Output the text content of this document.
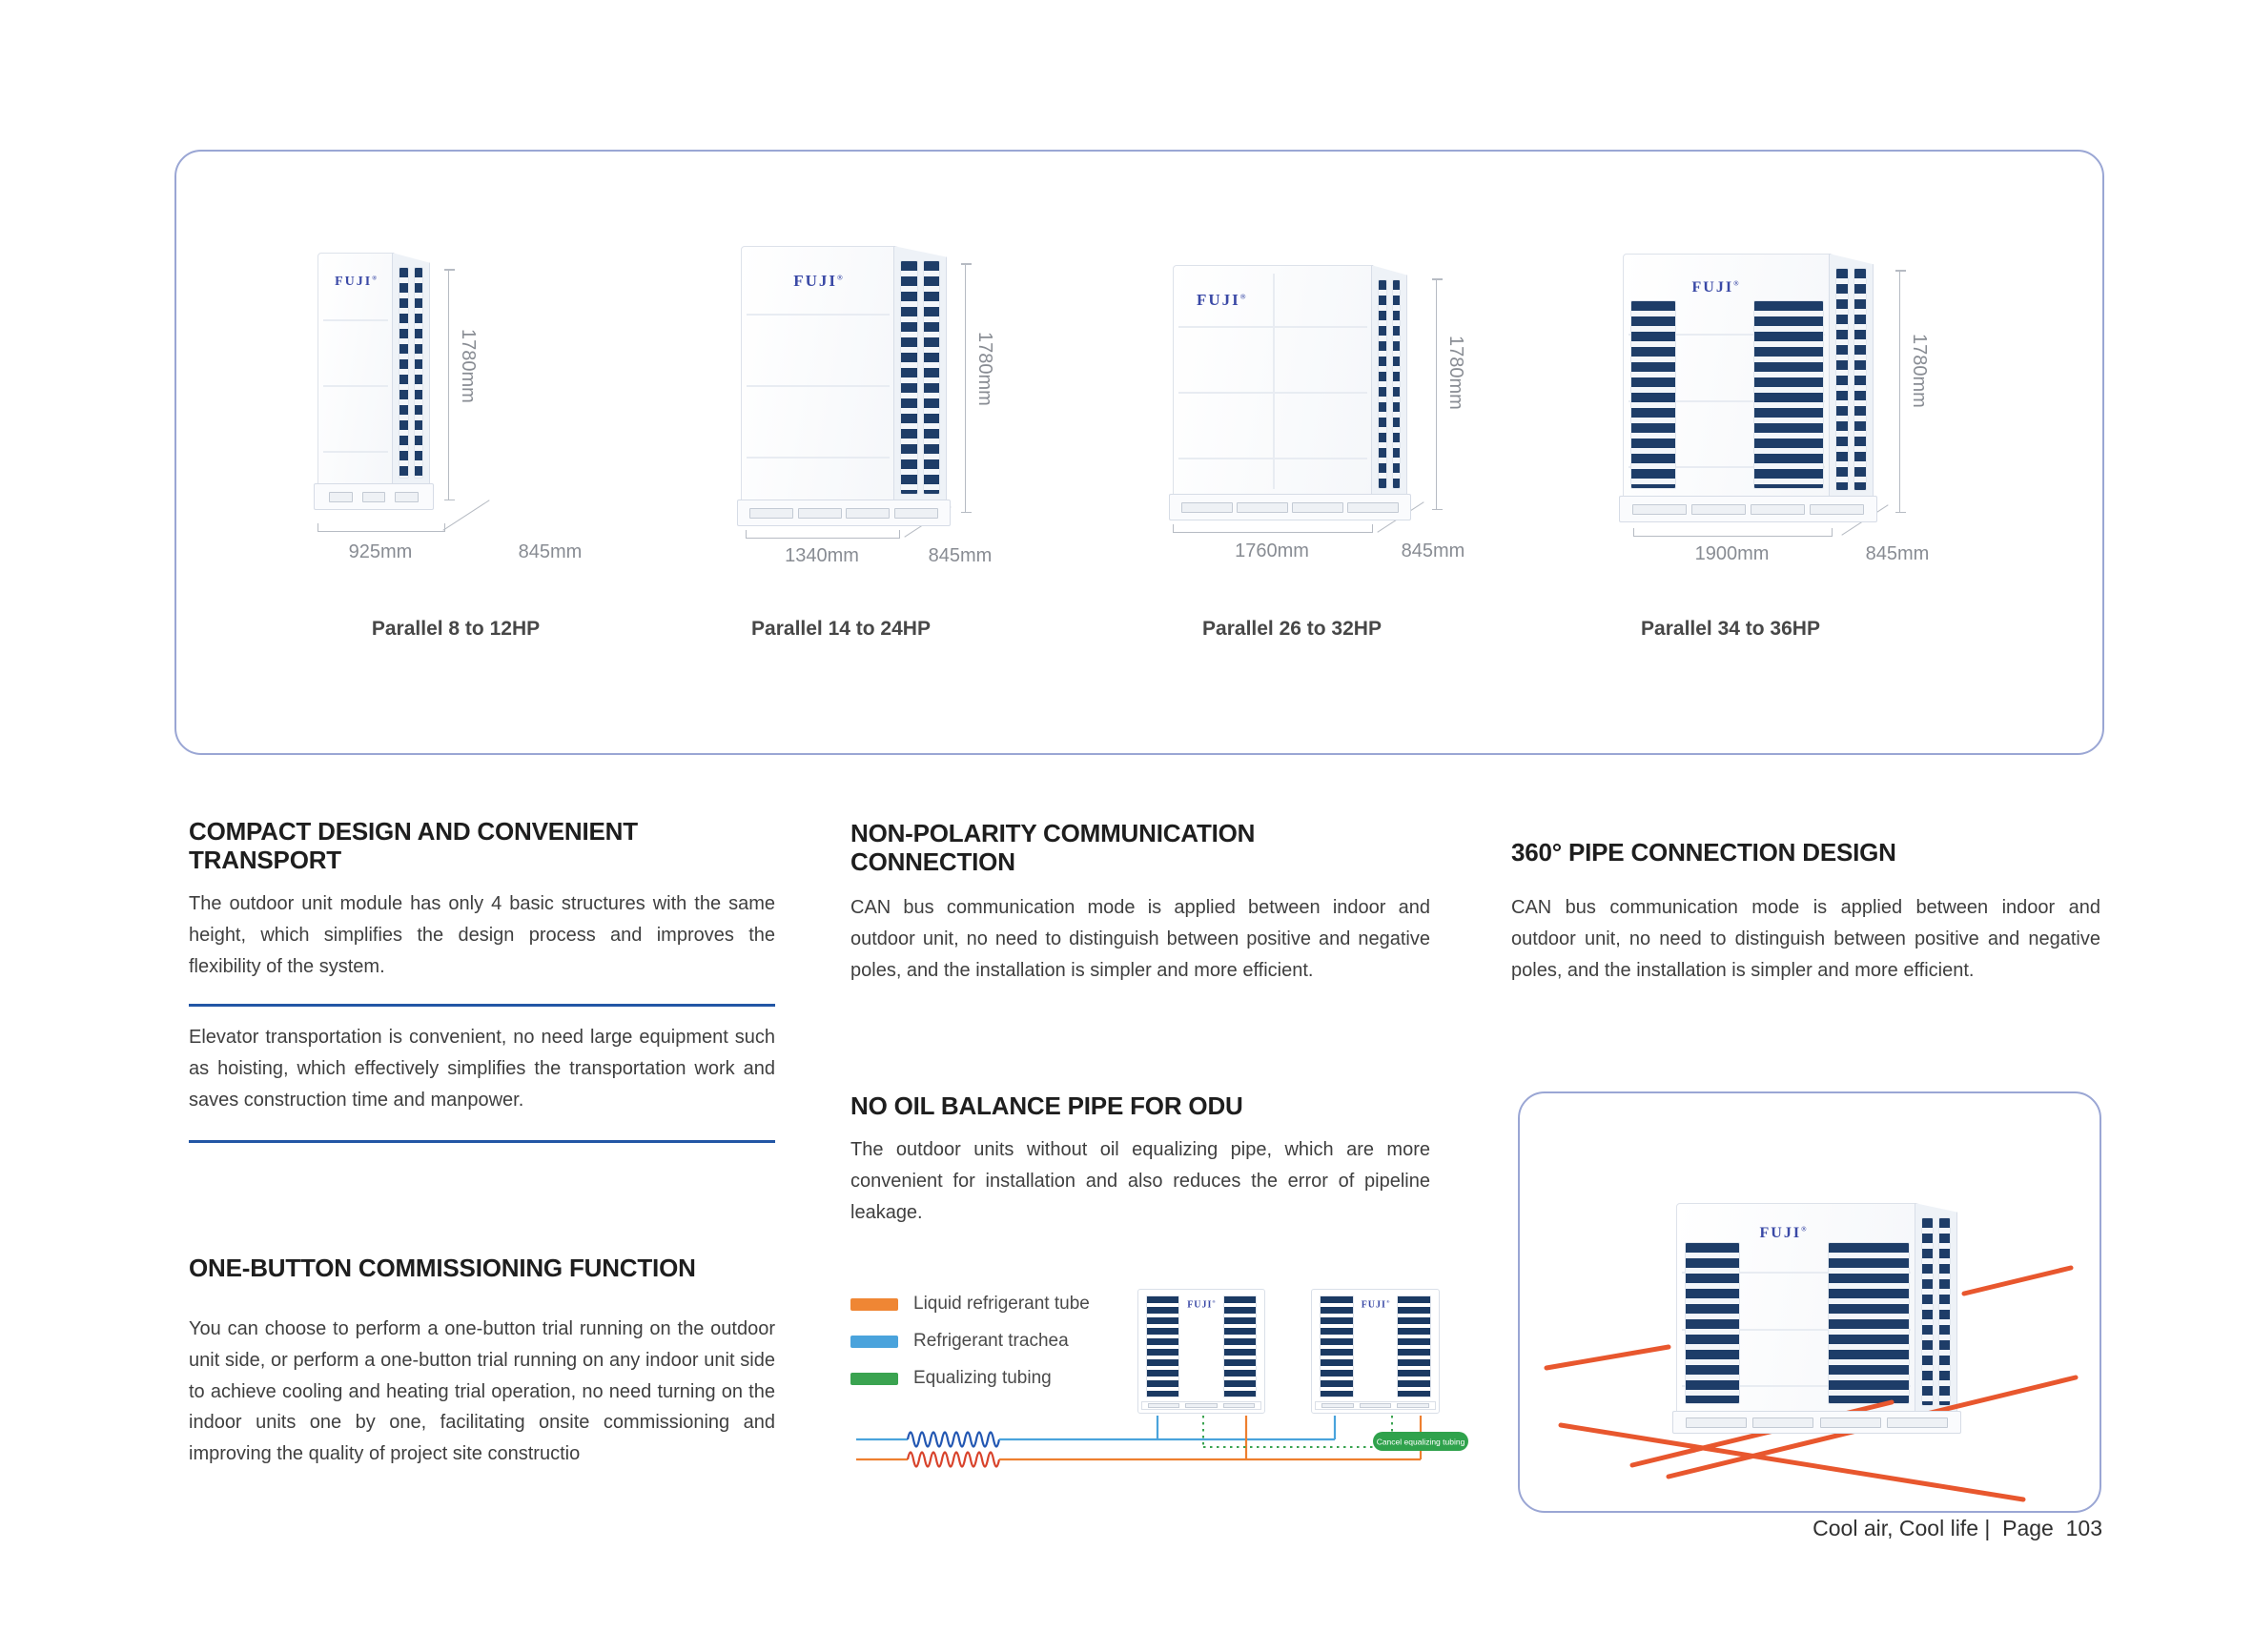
FUJI®
1780mm
925mm	845mm
Parallel 8 to 12HP
FUJI®
1780mm
1340mm	845mm
Parallel 14 to 24HP
FUJI®
1780mm
1760mm	845mm
Parallel 26 to 32HP
FUJI®
1780mm
1900mm	845mm
Parallel 34 to 36HP
COMPACT DESIGN AND CONVENIENT TRANSPORT
The outdoor unit module has only 4 basic structures with the same height, which simplifies the design process and improves the flexibility of the system.
Elevator transportation is convenient, no need large equipment such as hoisting, which effectively simplifies the transportation work and saves construction time and manpower.
ONE-BUTTON COMMISSIONING FUNCTION
You can choose to perform a one-button trial running on the outdoor unit side, or perform a one-button trial running on any indoor unit side to achieve cooling and heating trial operation, no need turning on the indoor units one by one, facilitating onsite commissioning and improving the quality of project site constructio
NON-POLARITY COMMUNICATION CONNECTION
CAN bus communication mode is applied between indoor and outdoor unit, no need to distinguish between positive and negative poles, and the installation is simpler and more efficient.
NO OIL BALANCE PIPE FOR ODU
The outdoor units without oil equalizing pipe, which are more convenient for installation and also reduces the error of pipeline leakage.
Liquid refrigerant tube
Refrigerant trachea
Equalizing tubing
FUJI®	FUJI®
Cancel equalizing tubing
360° PIPE CONNECTION DESIGN
CAN bus communication mode is applied between indoor and outdoor unit, no need to distinguish between positive and negative poles, and the installation is simpler and more efficient.
FUJI®
Cool air, Cool life |  Page  103
